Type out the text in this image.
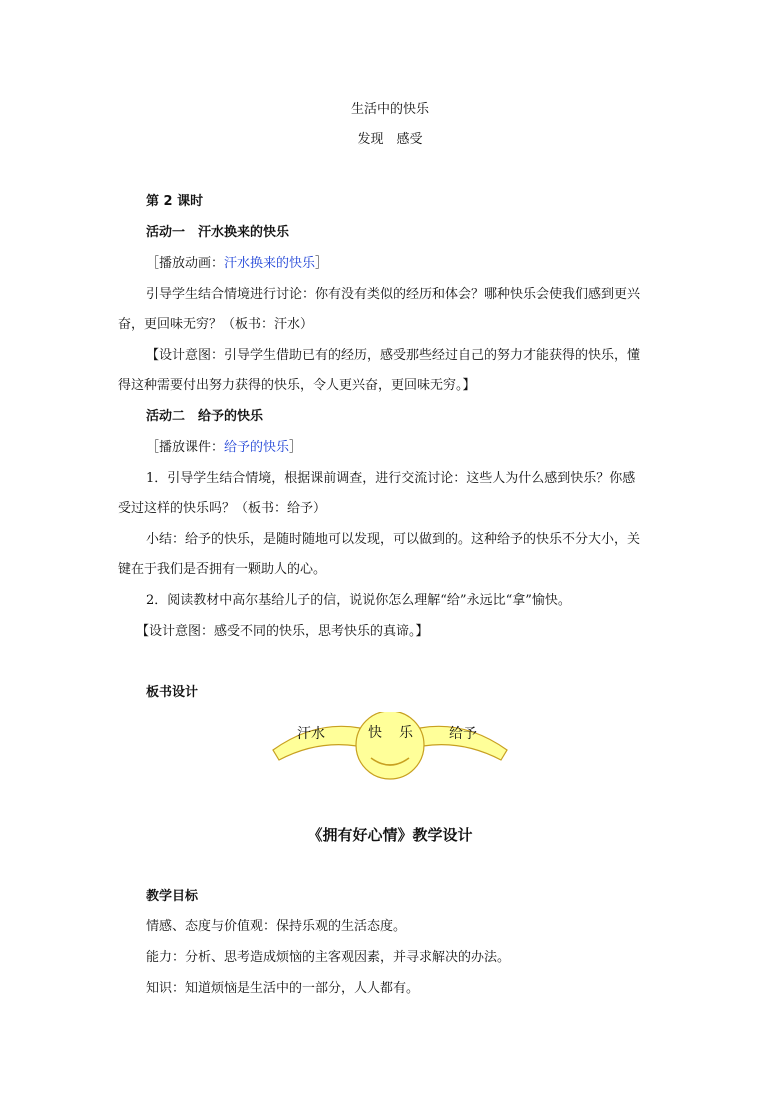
生活中的快乐
发现　感受
第 2 课时
活动一　汗水换来的快乐
［播放动画：汗水换来的快乐］
引导学生结合情境进行讨论：你有没有类似的经历和体会？哪种快乐会使我们感到更兴
奋，更回味无穷？（板书：汗水）
【设计意图：引导学生借助已有的经历，感受那些经过自己的努力才能获得的快乐，懂
得这种需要付出努力获得的快乐，令人更兴奋，更回味无穷。】
活动二　给予的快乐
［播放课件：给予的快乐］
1．引导学生结合情境，根据课前调查，进行交流讨论：这些人为什么感到快乐？你感
受过这样的快乐吗？（板书：给予）
小结：给予的快乐，是随时随地可以发现，可以做到的。这种给予的快乐不分大小，关
键在于我们是否拥有一颗助人的心。
2．阅读教材中高尔基给儿子的信，说说你怎么理解“给”永远比“拿”愉快。
【设计意图：感受不同的快乐，思考快乐的真谛。】
板书设计
汗水	快 乐	给予
《拥有好心情》教学设计
教学目标
情感、态度与价值观：保持乐观的生活态度。
能力：分析、思考造成烦恼的主客观因素，并寻求解决的办法。
知识：知道烦恼是生活中的一部分，人人都有。
